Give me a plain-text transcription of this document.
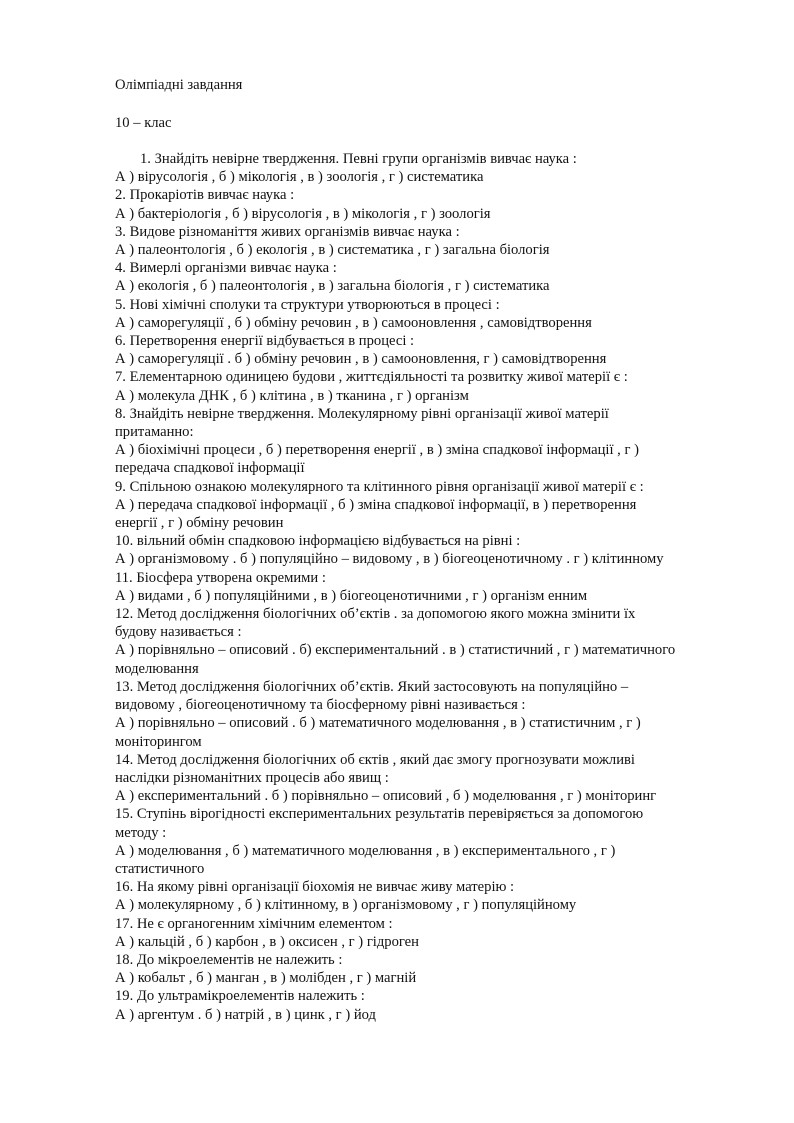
Олімпіадні завдання
10 – клас
1. Знайдіть невірне твердження. Певні групи організмів вивчає наука :
А ) вірусологія , б ) мікологія , в ) зоологія , г ) систематика
2. Прокаріотів вивчає наука :
А ) бактеріологія , б ) вірусологія , в ) мікологія , г ) зоологія
3. Видове різноманіття живих організмів вивчає наука :
А ) палеонтологія , б ) екологія , в ) систематика , г ) загальна біологія
4. Вимерлі організми вивчає наука :
А ) екологія , б ) палеонтологія , в ) загальна біологія , г ) систематика
5. Нові хімічні сполуки та структури утворюються в процесі :
А ) саморегуляції , б ) обміну речовин , в ) самооновлення , самовідтворення
6. Перетворення енергії відбувається в процесі :
А ) саморегуляції . б ) обміну речовин , в ) самооновлення, г ) самовідтворення
7. Елементарною одиницею будови , життєдіяльності та розвитку живої матерії є :
А ) молекула ДНК , б ) клітина , в ) тканина , г ) організм
8. Знайдіть невірне твердження. Молекулярному рівні організації живої матерії
притаманно:
А ) біохімічні процеси , б ) перетворення енергії , в ) зміна спадкової інформації , г )
передача спадкової інформації
9. Спільною ознакою молекулярного та клітинного рівня організації живої матерії є :
А ) передача спадкової інформації , б ) зміна спадкової інформації, в ) перетворення
енергії , г ) обміну речовин
10. вільний обмін спадковою інформацією відбувається на рівні :
А ) організмовому . б ) популяційно – видовому , в ) біогеоценотичному . г ) клітинному
11. Біосфера утворена окремими :
А ) видами , б ) популяційними , в ) біогеоценотичними , г ) організм енним
12. Метод дослідження біологічних об’єктів . за допомогою якого можна змінити їх
будову називається :
А ) порівняльно – описовий . б) експериментальний . в ) статистичний , г ) математичного
моделювання
13. Метод дослідження біологічних об’єктів. Який застосовують на популяційно –
видовому , біогеоценотичному та біосферному рівні називається :
А ) порівняльно – описовий . б ) математичного моделювання , в ) статистичним , г )
моніторингом
14. Метод дослідження біологічних об єктів , який дає змогу прогнозувати можливі
наслідки різноманітних процесів або явищ :
А ) експериментальний . б ) порівняльно – описовий , б ) моделювання , г ) моніторинг
15. Ступінь вірогідності експериментальних результатів перевіряється за допомогою
методу :
А ) моделювання , б ) математичного моделювання , в ) експериментального , г )
статистичного
16. На якому рівні організації біохомія не вивчає живу матерію :
А ) молекулярному , б ) клітинному, в ) організмовому , г ) популяційному
17. Не є органогенним хімічним елементом :
А ) кальцій , б ) карбон , в ) оксисен , г ) гідроген
18. До мікроелементів не належить :
А ) кобальт , б ) манган , в ) молібден , г ) магній
19. До ультрамікроелементів належить :
А ) аргентум . б ) натрій , в ) цинк , г ) йод
